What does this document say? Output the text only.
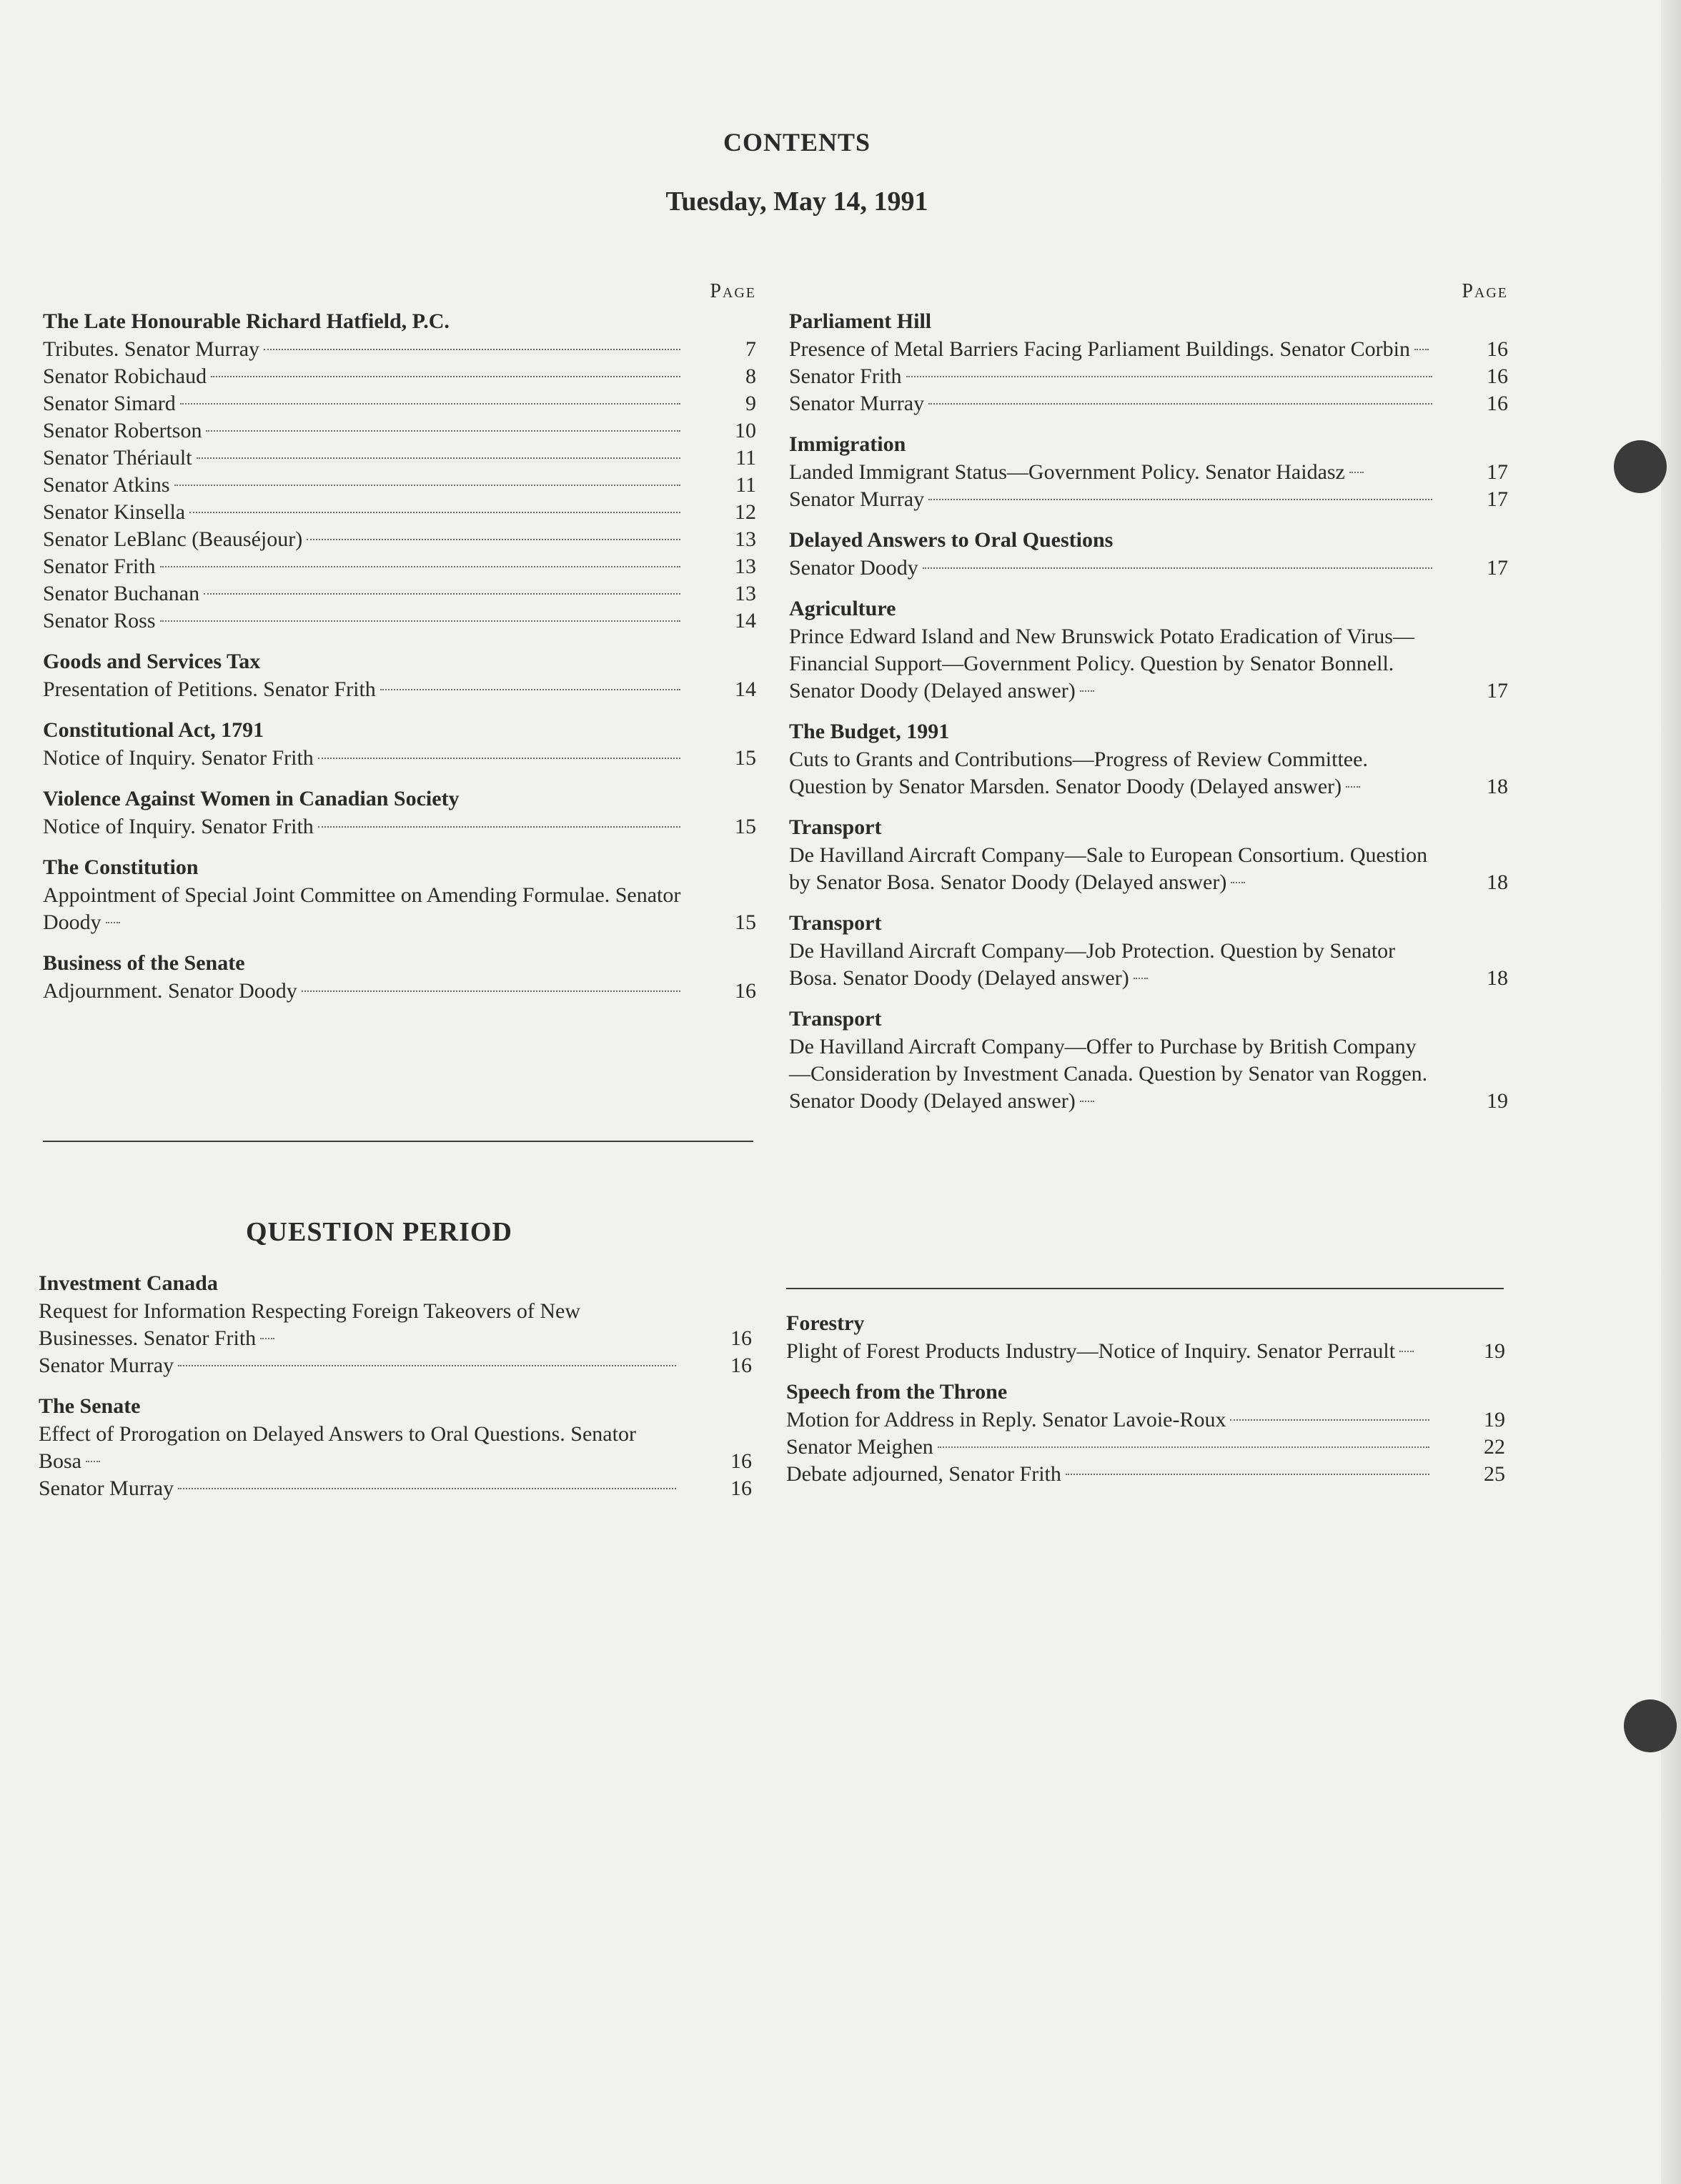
CONTENTS
Tuesday, May 14, 1991
Page
The Late Honourable Richard Hatfield, P.C.
Tributes. Senator Murray	7
Senator Robichaud	8
Senator Simard	9
Senator Robertson	10
Senator Thériault	11
Senator Atkins	11
Senator Kinsella	12
Senator LeBlanc (Beauséjour)	13
Senator Frith	13
Senator Buchanan	13
Senator Ross	14
Goods and Services Tax
Presentation of Petitions. Senator Frith	14
Constitutional Act, 1791
Notice of Inquiry. Senator Frith	15
Violence Against Women in Canadian Society
Notice of Inquiry. Senator Frith	15
The Constitution
Appointment of Special Joint Committee on Amending Formulae. Senator Doody	15
Business of the Senate
Adjournment. Senator Doody	16
QUESTION PERIOD
Investment Canada
Request for Information Respecting Foreign Takeovers of New Businesses. Senator Frith	16
Senator Murray	16
The Senate
Effect of Prorogation on Delayed Answers to Oral Questions. Senator Bosa	16
Senator Murray	16
Page
Parliament Hill
Presence of Metal Barriers Facing Parliament Buildings. Senator Corbin	16
Senator Frith	16
Senator Murray	16
Immigration
Landed Immigrant Status—Government Policy. Senator Haidasz	17
Senator Murray	17
Delayed Answers to Oral Questions
Senator Doody	17
Agriculture
Prince Edward Island and New Brunswick Potato Eradication of Virus—Financial Support—Government Policy. Question by Senator Bonnell. Senator Doody (Delayed answer)	17
The Budget, 1991
Cuts to Grants and Contributions—Progress of Review Committee. Question by Senator Marsden. Senator Doody (Delayed answer)	18
Transport
De Havilland Aircraft Company—Sale to European Consortium. Question by Senator Bosa. Senator Doody (Delayed answer)	18
Transport
De Havilland Aircraft Company—Job Protection. Question by Senator Bosa. Senator Doody (Delayed answer)	18
Transport
De Havilland Aircraft Company—Offer to Purchase by British Company—Consideration by Investment Canada. Question by Senator van Roggen. Senator Doody (Delayed answer)	19
Forestry
Plight of Forest Products Industry—Notice of Inquiry. Senator Perrault	19
Speech from the Throne
Motion for Address in Reply. Senator Lavoie-Roux	19
Senator Meighen	22
Debate adjourned, Senator Frith	25
